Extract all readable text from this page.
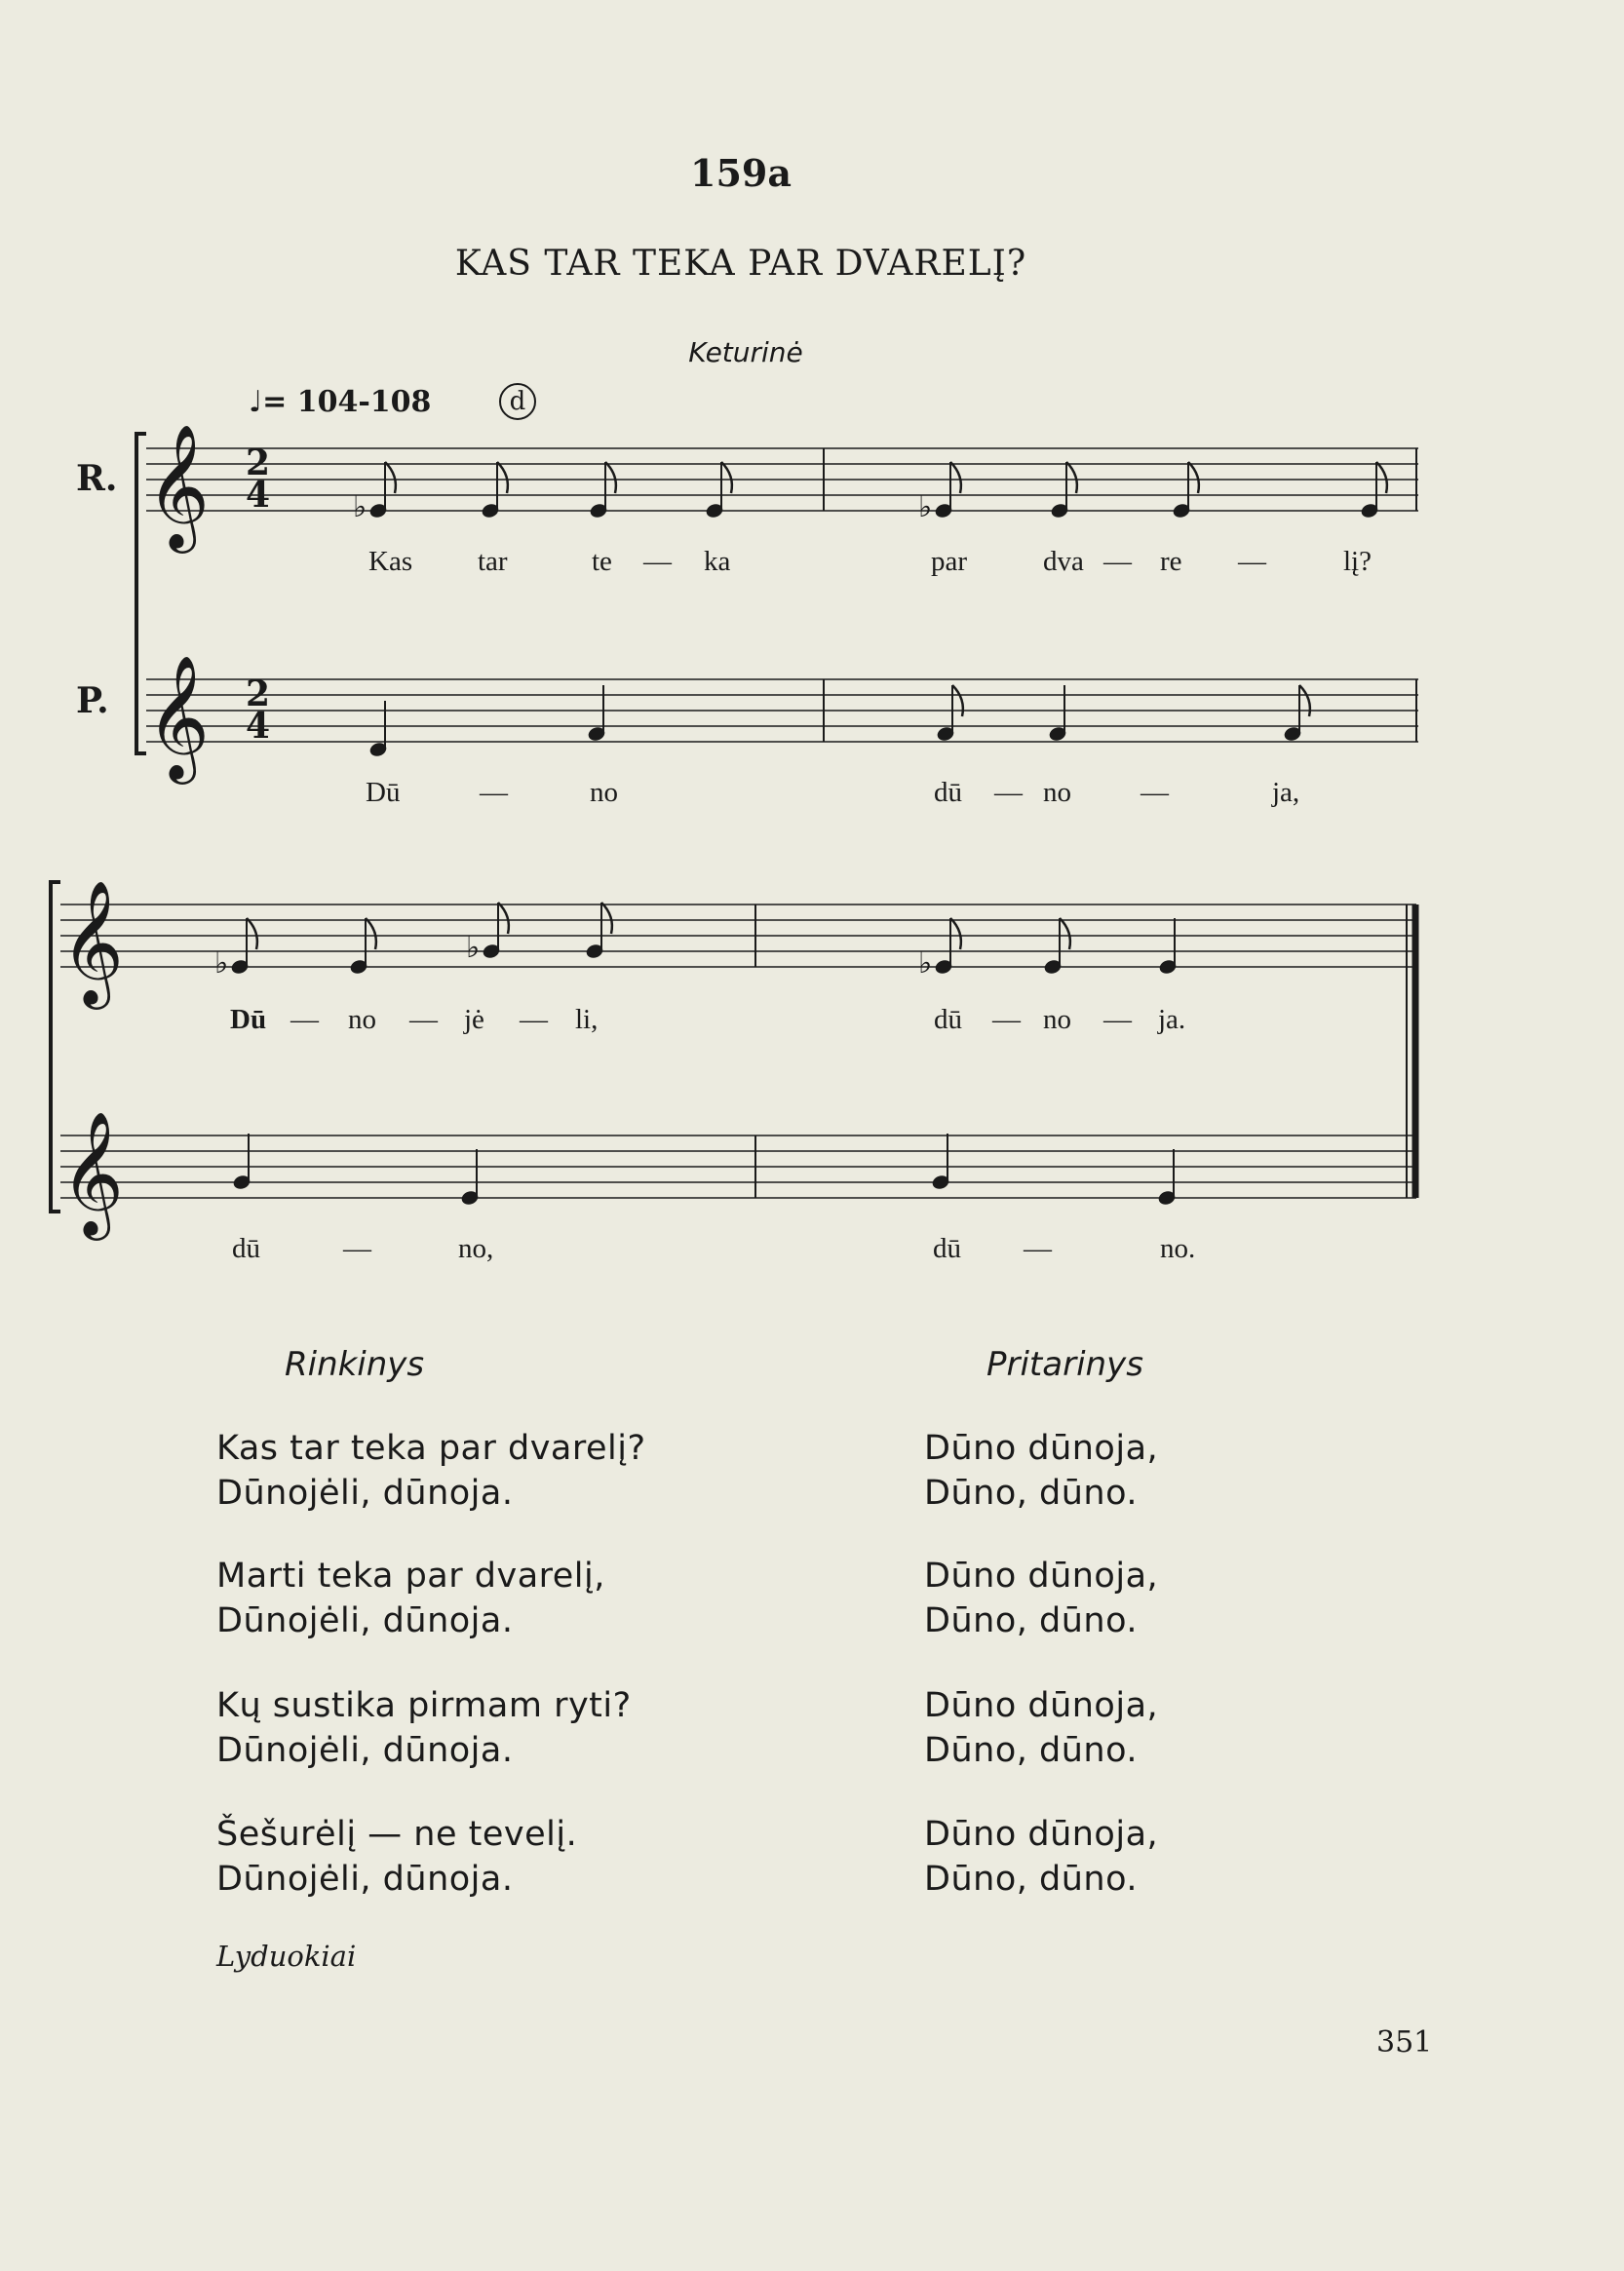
159a
KAS TAR TEKA PAR DVARELĮ?
Keturinė
♩= 104-108	d
R.
P.
♭	♭
♭	♭	♭
𝄞
𝄞
𝄞
𝄞
2
4
2
4
Kas tar	te — ka	par	dva — re —	lį?
Dū	—	no	dū — no —	ja,
Dū — no — jė — li,	dū — no — ja.
dū	—	no,	dū —	no.
Rinkinys	Pritarinys
Kas tar teka par dvarelį?
Dūnojėli, dūnoja.
Dūno dūnoja,
Dūno, dūno.
Marti teka par dvarelį,
Dūnojėli, dūnoja.
Dūno dūnoja,
Dūno, dūno.
Kų sustika pirmam ryti?
Dūnojėli, dūnoja.
Dūno dūnoja,
Dūno, dūno.
Šešurėlį — ne tevelį.
Dūnojėli, dūnoja.
Dūno dūnoja,
Dūno, dūno.
Lyduokiai
351
